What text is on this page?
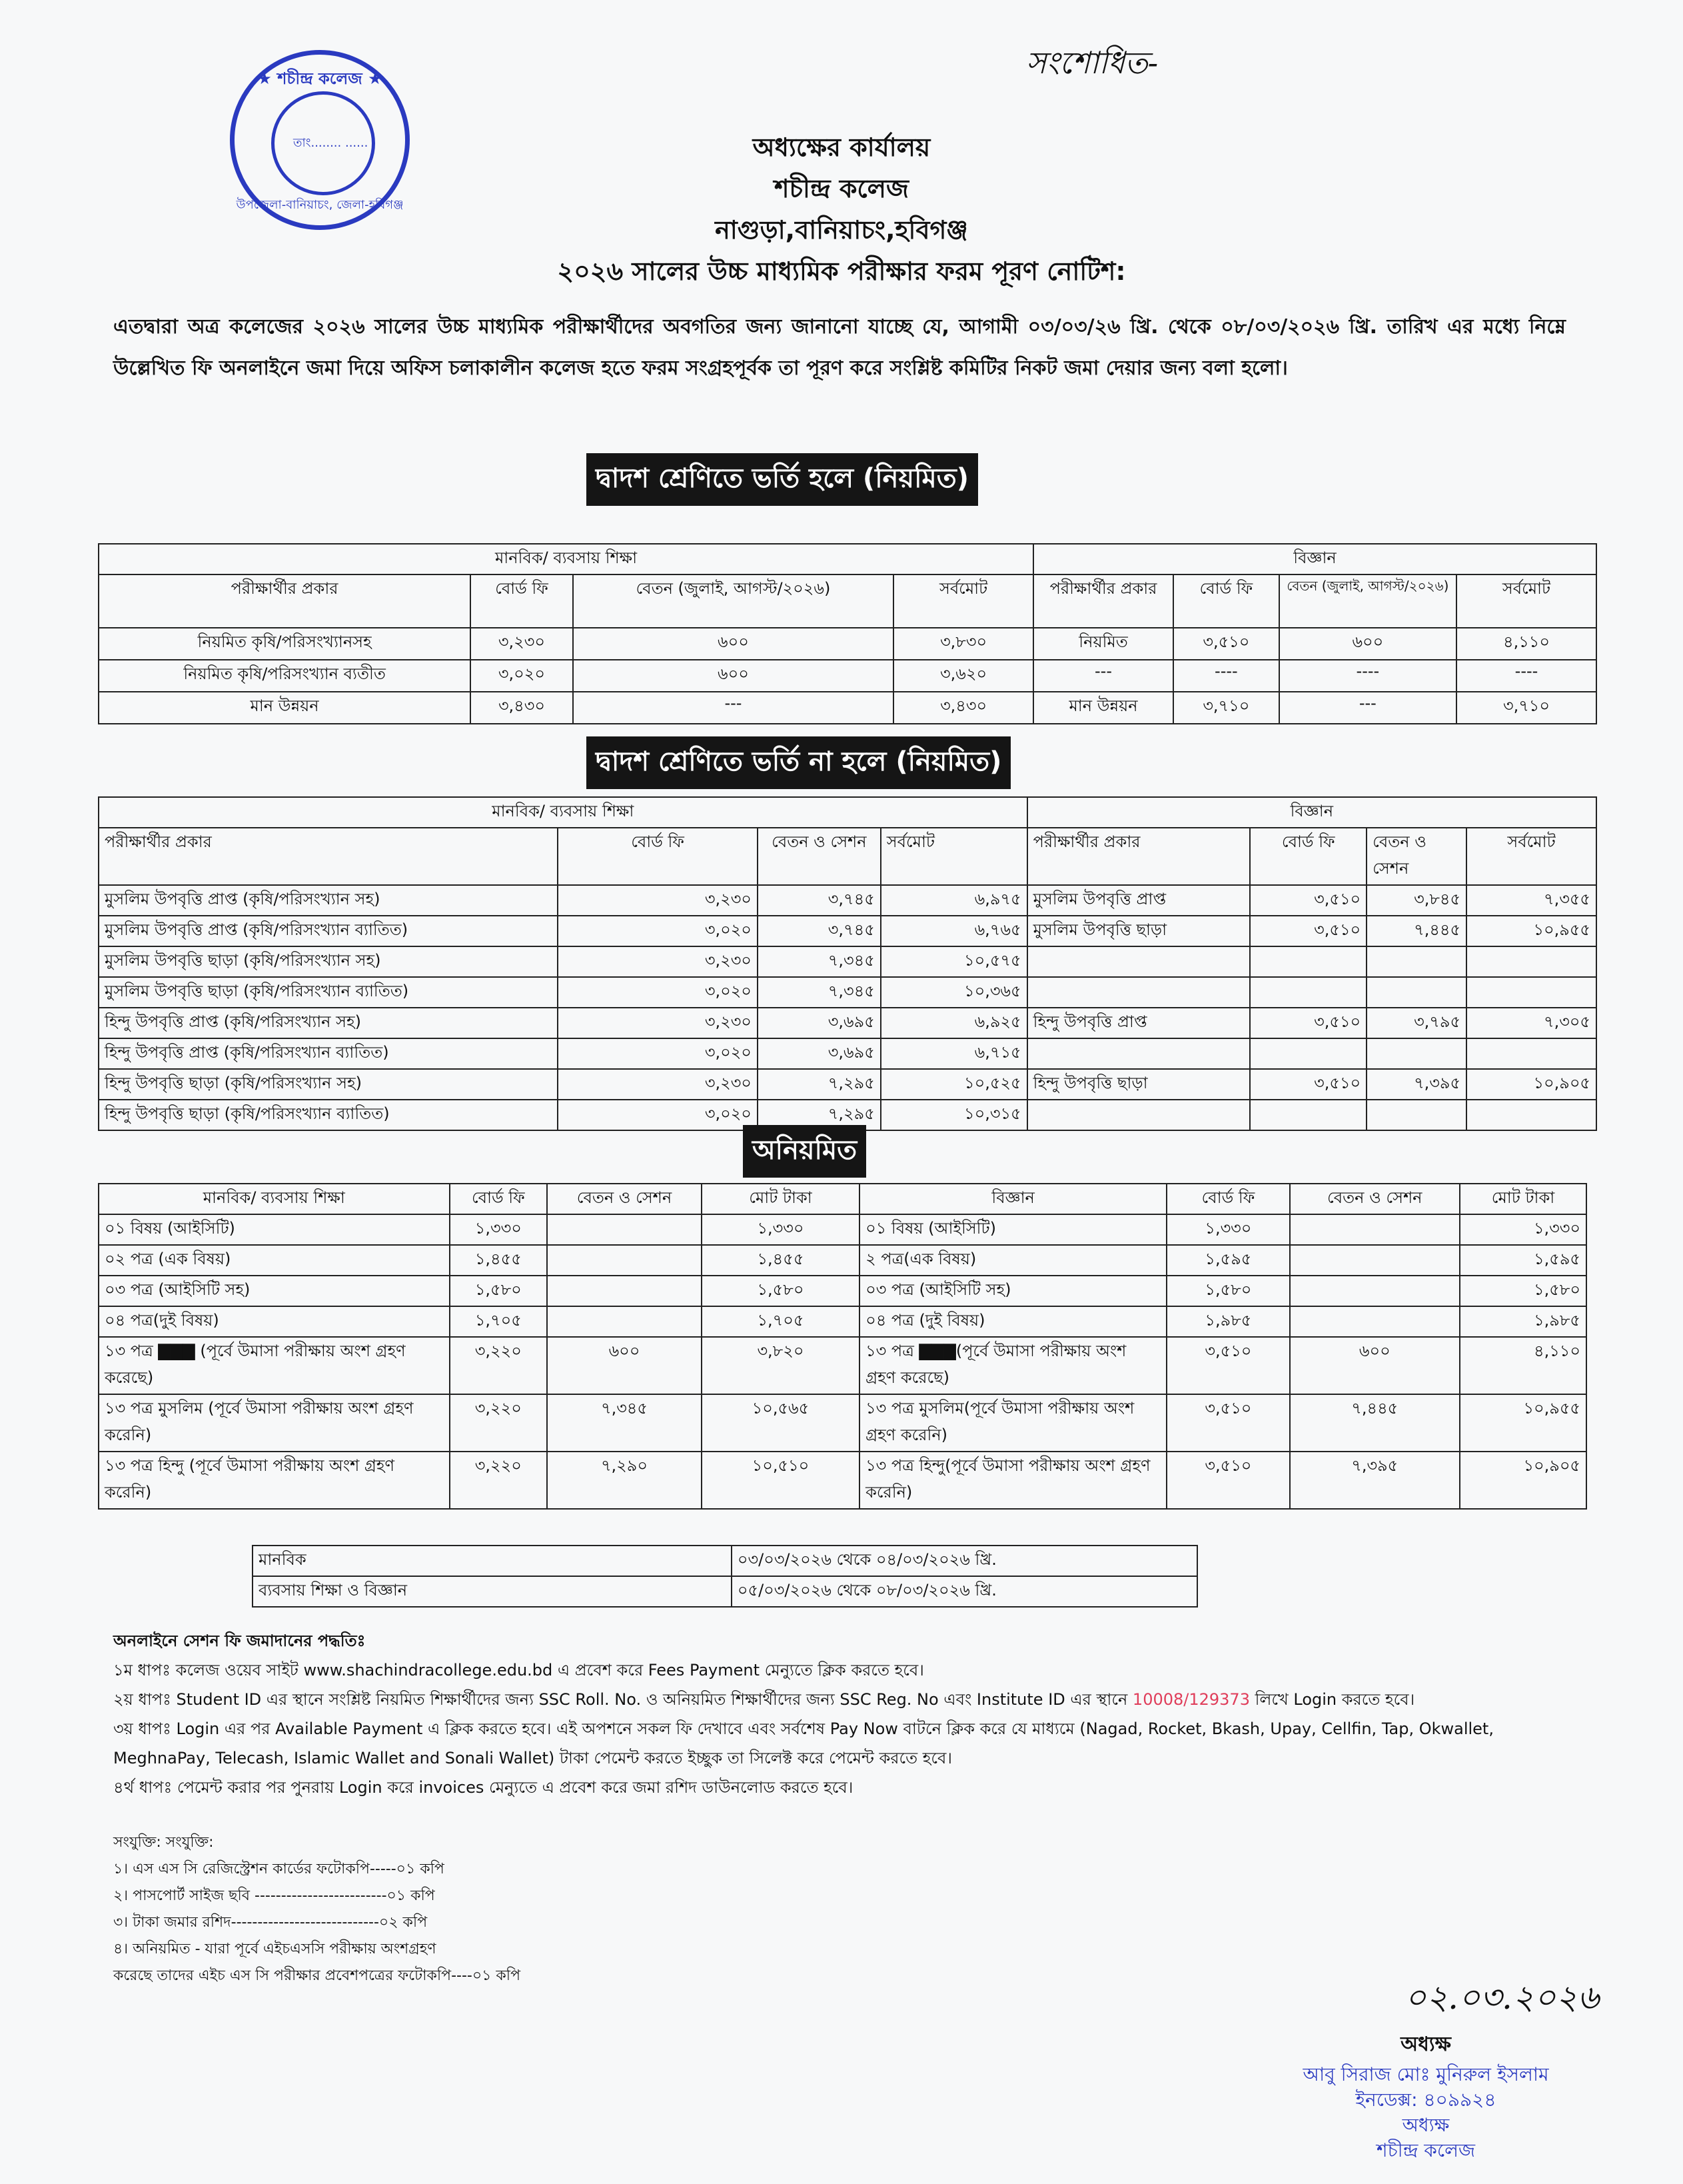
★ শচীন্দ্র কলেজ ★
তাং........ ......
উপজেলা-বানিয়াচং, জেলা-হবিগঞ্জ
সংশোধিত-
অধ্যক্ষের কার্যালয়
শচীন্দ্র কলেজ
নাগুড়া,বানিয়াচং,হবিগঞ্জ
২০২৬ সালের উচ্চ মাধ্যমিক পরীক্ষার ফরম পূরণ নোটিশ:
এতদ্বারা অত্র কলেজের ২০২৬ সালের উচ্চ মাধ্যমিক পরীক্ষার্থীদের অবগতির জন্য জানানো যাচ্ছে যে, আগামী ০৩/০৩/২৬ খ্রি. থেকে ০৮/০৩/২০২৬ খ্রি. তারিখ এর মধ্যে নিম্নে উল্লেখিত ফি অনলাইনে জমা দিয়ে অফিস চলাকালীন কলেজ হতে ফরম সংগ্রহপূর্বক তা পূরণ করে সংশ্লিষ্ট কমিটির নিকট জমা দেয়ার জন্য বলা হলো।
দ্বাদশ শ্রেণিতে ভর্তি হলে (নিয়মিত)
মানবিক/ ব্যবসায় শিক্ষা				বিজ্ঞান			
পরীক্ষার্থীর প্রকার	বোর্ড ফি	বেতন (জুলাই, আগস্ট/২০২৬)	সর্বমোট	পরীক্ষার্থীর প্রকার	বোর্ড ফি	বেতন (জুলাই, আগস্ট/২০২৬)	সর্বমোট
নিয়মিত কৃষি/পরিসংখ্যানসহ	৩,২৩০	৬০০	৩,৮৩০	নিয়মিত	৩,৫১০	৬০০	৪,১১০
নিয়মিত কৃষি/পরিসংখ্যান ব্যতীত	৩,০২০	৬০০	৩,৬২০	---	----	----	----
মান উন্নয়ন	৩,৪৩০	---	৩,৪৩০	মান উন্নয়ন	৩,৭১০	---	৩,৭১০
দ্বাদশ শ্রেণিতে ভর্তি না হলে (নিয়মিত)
মানবিক/ ব্যবসায় শিক্ষা				বিজ্ঞান			
পরীক্ষার্থীর প্রকার	বোর্ড ফি	বেতন ও সেশন	সর্বমোট	পরীক্ষার্থীর প্রকার	বোর্ড ফি	বেতন ও সেশন	সর্বমোট
মুসলিম উপবৃত্তি প্রাপ্ত (কৃষি/পরিসংখ্যান সহ)	৩,২৩০	৩,৭৪৫	৬,৯৭৫	মুসলিম উপবৃত্তি প্রাপ্ত	৩,৫১০	৩,৮৪৫	৭,৩৫৫
মুসলিম উপবৃত্তি প্রাপ্ত (কৃষি/পরিসংখ্যান ব্যাতিত)	৩,০২০	৩,৭৪৫	৬,৭৬৫	মুসলিম উপবৃত্তি ছাড়া	৩,৫১০	৭,৪৪৫	১০,৯৫৫
মুসলিম উপবৃত্তি ছাড়া (কৃষি/পরিসংখ্যান সহ)	৩,২৩০	৭,৩৪৫	১০,৫৭৫				
মুসলিম উপবৃত্তি ছাড়া (কৃষি/পরিসংখ্যান ব্যাতিত)	৩,০২০	৭,৩৪৫	১০,৩৬৫				
হিন্দু উপবৃত্তি প্রাপ্ত (কৃষি/পরিসংখ্যান সহ)	৩,২৩০	৩,৬৯৫	৬,৯২৫	হিন্দু উপবৃত্তি প্রাপ্ত	৩,৫১০	৩,৭৯৫	৭,৩০৫
হিন্দু উপবৃত্তি প্রাপ্ত (কৃষি/পরিসংখ্যান ব্যাতিত)	৩,০২০	৩,৬৯৫	৬,৭১৫				
হিন্দু উপবৃত্তি ছাড়া (কৃষি/পরিসংখ্যান সহ)	৩,২৩০	৭,২৯৫	১০,৫২৫	হিন্দু উপবৃত্তি ছাড়া	৩,৫১০	৭,৩৯৫	১০,৯০৫
হিন্দু উপবৃত্তি ছাড়া (কৃষি/পরিসংখ্যান ব্যাতিত)	৩,০২০	৭,২৯৫	১০,৩১৫				
অনিয়মিত
মানবিক/ ব্যবসায় শিক্ষা	বোর্ড ফি	বেতন ও সেশন	মোট টাকা	বিজ্ঞান	বোর্ড ফি	বেতন ও সেশন	মোট টাকা
০১ বিষয় (আইসিটি)	১,৩৩০		১,৩৩০	০১ বিষয় (আইসিটি)	১,৩৩০		১,৩৩০
০২ পত্র (এক বিষয়)	১,৪৫৫		১,৪৫৫	২ পত্র(এক বিষয়)	১,৫৯৫		১,৫৯৫
০৩ পত্র (আইসিটি সহ)	১,৫৮০		১,৫৮০	০৩ পত্র (আইসিটি সহ)	১,৫৮০		১,৫৮০
০৪ পত্র(দুই বিষয়)	১,৭০৫		১,৭০৫	০৪ পত্র (দুই বিষয়)	১,৯৮৫		১,৯৮৫
১৩ পত্র ▇▇▇ (পূর্বে উমাসা পরীক্ষায় অংশ গ্রহণ করেছে)	৩,২২০	৬০০	৩,৮২০	১৩ পত্র ▇▇▇(পূর্বে উমাসা পরীক্ষায় অংশ গ্রহণ করেছে)	৩,৫১০	৬০০	৪,১১০
১৩ পত্র মুসলিম (পূর্বে উমাসা পরীক্ষায় অংশ গ্রহণ করেনি)	৩,২২০	৭,৩৪৫	১০,৫৬৫	১৩ পত্র মুসলিম(পূর্বে উমাসা পরীক্ষায় অংশ গ্রহণ করেনি)	৩,৫১০	৭,৪৪৫	১০,৯৫৫
১৩ পত্র হিন্দু (পূর্বে উমাসা পরীক্ষায় অংশ গ্রহণ করেনি)	৩,২২০	৭,২৯০	১০,৫১০	১৩ পত্র হিন্দু(পূর্বে উমাসা পরীক্ষায় অংশ গ্রহণ করেনি)	৩,৫১০	৭,৩৯৫	১০,৯০৫
মানবিক	০৩/০৩/২০২৬ থেকে ০৪/০৩/২০২৬ খ্রি.
ব্যবসায় শিক্ষা ও বিজ্ঞান	০৫/০৩/২০২৬ থেকে ০৮/০৩/২০২৬ খ্রি.
অনলাইনে সেশন ফি জমাদানের পদ্ধতিঃ
১ম ধাপঃ কলেজ ওয়েব সাইট www.shachindracollege.edu.bd এ প্রবেশ করে Fees Payment মেন্যুতে ক্লিক করতে হবে।
২য় ধাপঃ Student ID এর স্থানে সংশ্লিষ্ট নিয়মিত শিক্ষার্থীদের জন্য SSC Roll. No. ও অনিয়মিত শিক্ষার্থীদের জন্য SSC Reg. No এবং Institute ID এর স্থানে 10008/129373 লিখে Login করতে হবে।
৩য় ধাপঃ Login এর পর Available Payment এ ক্লিক করতে হবে। এই অপশনে সকল ফি দেখাবে এবং সর্বশেষ Pay Now বাটনে ক্লিক করে যে মাধ্যমে (Nagad, Rocket, Bkash, Upay, Cellfin, Tap, Okwallet, MeghnaPay, Telecash, Islamic Wallet and Sonali Wallet) টাকা পেমেন্ট করতে ইচ্ছুক তা সিলেক্ট করে পেমেন্ট করতে হবে।
৪র্থ ধাপঃ পেমেন্ট করার পর পুনরায় Login করে invoices মেন্যুতে এ প্রবেশ করে জমা রশিদ ডাউনলোড করতে হবে।
সংযুক্তি: সংযুক্তি:
১। এস এস সি রেজিস্ট্রেশন কার্ডের ফটোকপি-----০১ কপি
২। পাসপোর্ট সাইজ ছবি -------------------------০১ কপি
৩। টাকা জমার রশিদ----------------------------০২ কপি
৪। অনিয়মিত - যারা পূর্বে এইচএসসি পরীক্ষায় অংশগ্রহণ
করেছে তাদের এইচ এস সি পরীক্ষার প্রবেশপত্রের ফটোকপি----০১ কপি
০২.০৩.২০২৬
অধ্যক্ষ
আবু সিরাজ মোঃ মুনিরুল ইসলাম
ইনডেক্স: ৪০৯৯২৪
অধ্যক্ষ
শচীন্দ্র কলেজ
